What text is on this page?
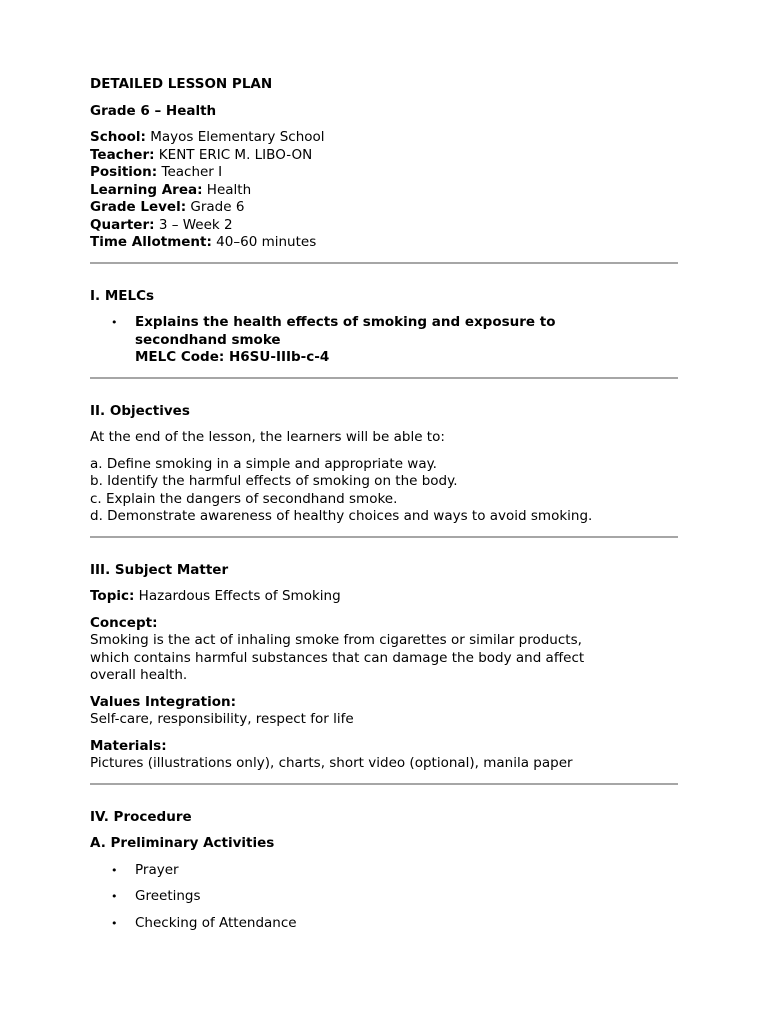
DETAILED LESSON PLAN

Grade 6 – Health

School: Mayos Elementary School

Teacher: KENT ERIC M. LIBO-ON

Position: Teacher I

Learning Area: Health

Grade Level: Grade 6

Quarter: 3 – Week 2

Time Allotment: 40–60 minutes

I. MELCs

• Explains the health effects of smoking and exposure to

secondhand smoke

MELC Code: H6SU-IIIb-c-4

II. Objectives

At the end of the lesson, the learners will be able to:

a. Define smoking in a simple and appropriate way.

b. Identify the harmful effects of smoking on the body.

c. Explain the dangers of secondhand smoke.

d. Demonstrate awareness of healthy choices and ways to avoid smoking.

III. Subject Matter

Topic: Hazardous Effects of Smoking

Concept:

Smoking is the act of inhaling smoke from cigarettes or similar products,

which contains harmful substances that can damage the body and affect

overall health.

Values Integration:

Self-care, responsibility, respect for life

Materials:

Pictures (illustrations only), charts, short video (optional), manila paper

IV. Procedure

A. Preliminary Activities

• Prayer
• Greetings
• Checking of Attendance
